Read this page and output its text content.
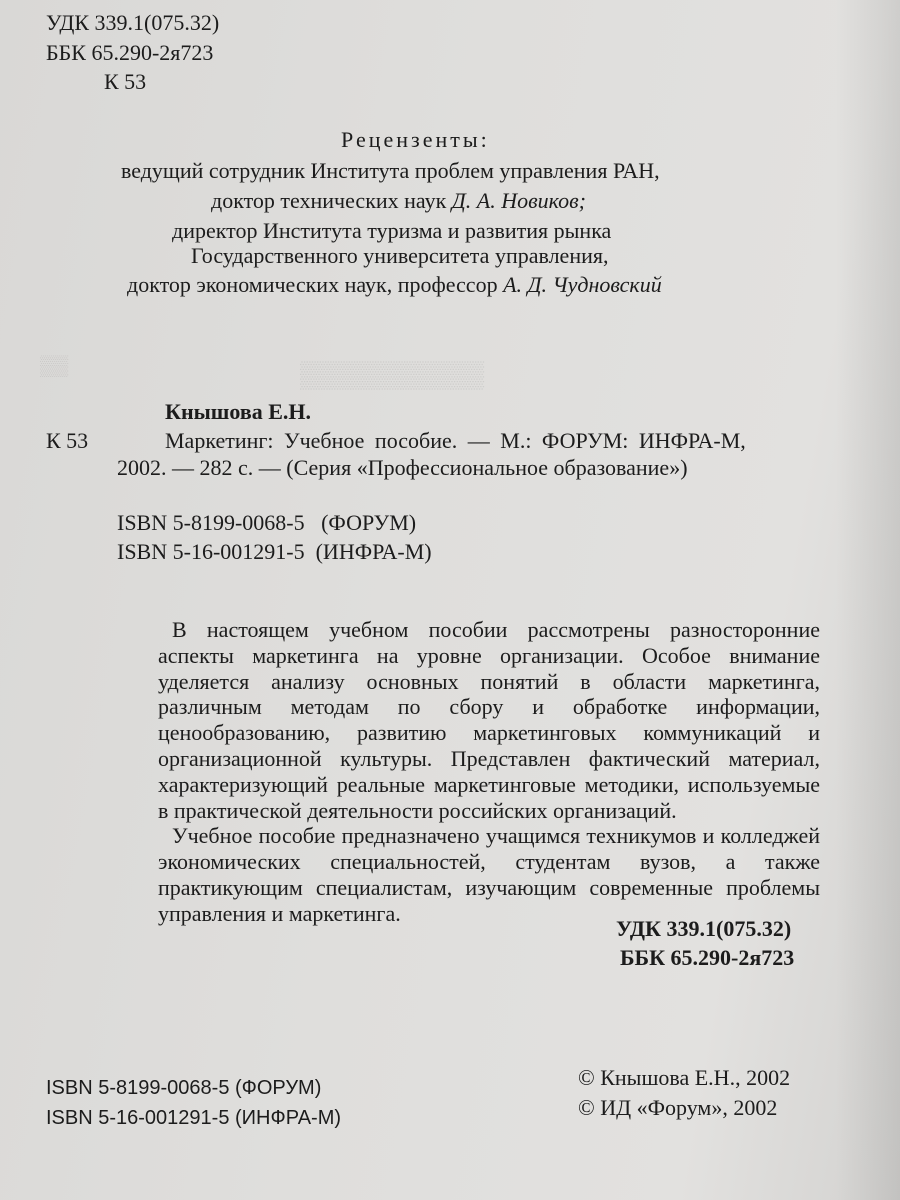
УДК 339.1(075.32)
ББК 65.290-2я723
К 53
Рецензенты:
ведущий сотрудник Института проблем управления РАН,
доктор технических наук Д. А. Новиков;
директор Института туризма и развития рынка
Государственного университета управления,
доктор экономических наук, профессор А. Д. Чудновский
▒▒▒▒▒▒▒▒▒▒
▒▒
Кнышова Е.Н.
К 53	Маркетинг: Учебное пособие. — М.: ФОРУМ: ИНФРА-М,
2002. — 282 с. — (Серия «Профессиональное образование»)
ISBN 5-8199-0068-5   (ФОРУМ)
ISBN 5-16-001291-5  (ИНФРА-М)

В настоящем учебном пособии рассмотрены разносторонние аспекты маркетинга на уровне организации. Особое внимание уделяется анализу основных понятий в области маркетинга, различным методам по сбору и обработке информации, ценообразованию, развитию маркетинговых коммуникаций и организационной культуры. Представлен фактический материал, характеризующий реальные маркетинговые методики, используемые в практической деятельности российских организаций.

Учебное пособие предназначено учащимся техникумов и колледжей экономических специальностей, студентам вузов, а также практикующим специалистам, изучающим современные проблемы управления и маркетинга.

УДК 339.1(075.32)
ББК 65.290-2я723
ISBN 5-8199-0068-5 (ФОРУМ)
ISBN 5-16-001291-5 (ИНФРА-М)
© Кнышова Е.Н., 2002
© ИД «Форум», 2002
